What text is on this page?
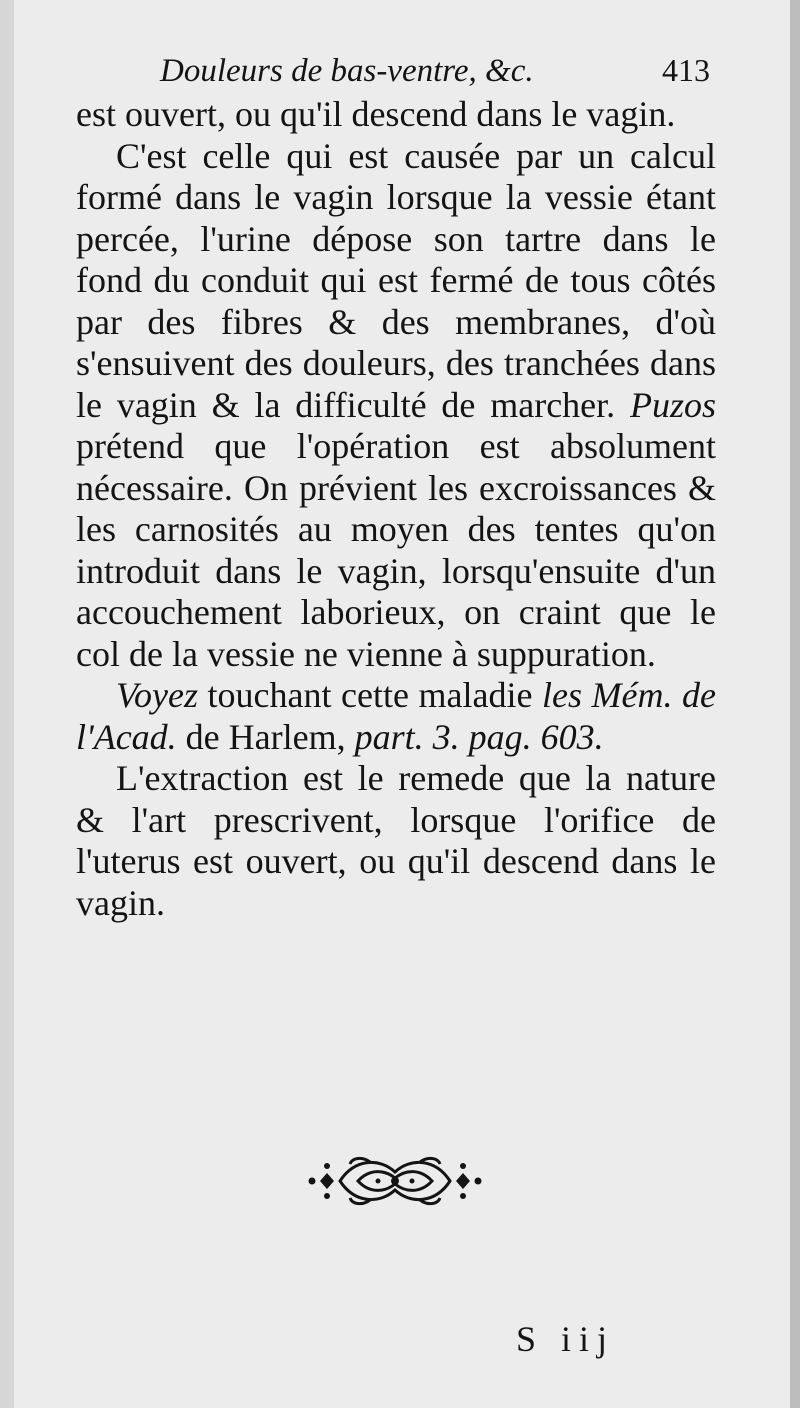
Douleurs de bas-ventre, &c.	413

est ouvert, ou qu'il descend dans le vagin.

C'est celle qui est causée par un calcul formé dans le vagin lorsque la vessie étant percée, l'urine dépose son tartre dans le fond du conduit qui est fermé de tous côtés par des fibres & des membranes, d'où s'ensuivent des douleurs, des tranchées dans le vagin & la difficulté de marcher. Puzos prétend que l'opération est absolument nécessaire. On prévient les excroissances & les carnosités au moyen des tentes qu'on introduit dans le vagin, lorsqu'ensuite d'un accouchement laborieux, on craint que le col de la vessie ne vienne à suppuration.

Voyez touchant cette maladie les Mém. de l'Acad. de Harlem, part. 3. pag. 603.

L'extraction est le remede que la nature & l'art prescrivent, lorsque l'orifice de l'uterus est ouvert, ou qu'il descend dans le vagin.

S iij
